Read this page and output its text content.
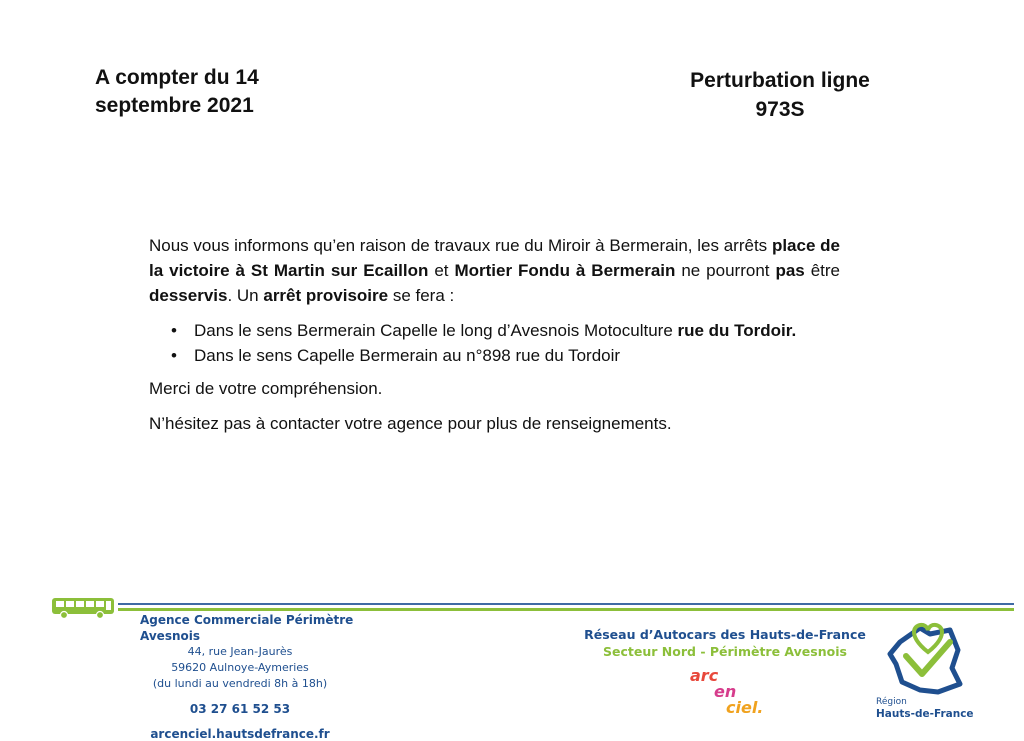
A compter du 14
septembre 2021
Perturbation ligne
973S

Nous vous informons qu’en raison de travaux rue du Miroir à Bermerain, les arrêts place de la victoire à St Martin sur Ecaillon et Mortier Fondu à Bermerain ne pourront pas être desservis. Un arrêt provisoire se fera :

• Dans le sens Bermerain Capelle le long d’Avesnois Motoculture rue du Tordoir.
• Dans le sens Capelle Bermerain au n°898 rue du Tordoir

Merci de votre compréhension.

N’hésitez pas à contacter votre agence pour plus de renseignements.

Agence Commerciale Périmètre Avesnois
44, rue Jean-Jaurès
59620 Aulnoye-Aymeries
(du lundi au vendredi 8h à 18h)
03 27 61 52 53
arcenciel.hautsdefrance.fr
Réseau d’Autocars des Hauts-de-France
Secteur Nord - Périmètre Avesnois
arc
en
ciel.	Région
Hauts-de-France
